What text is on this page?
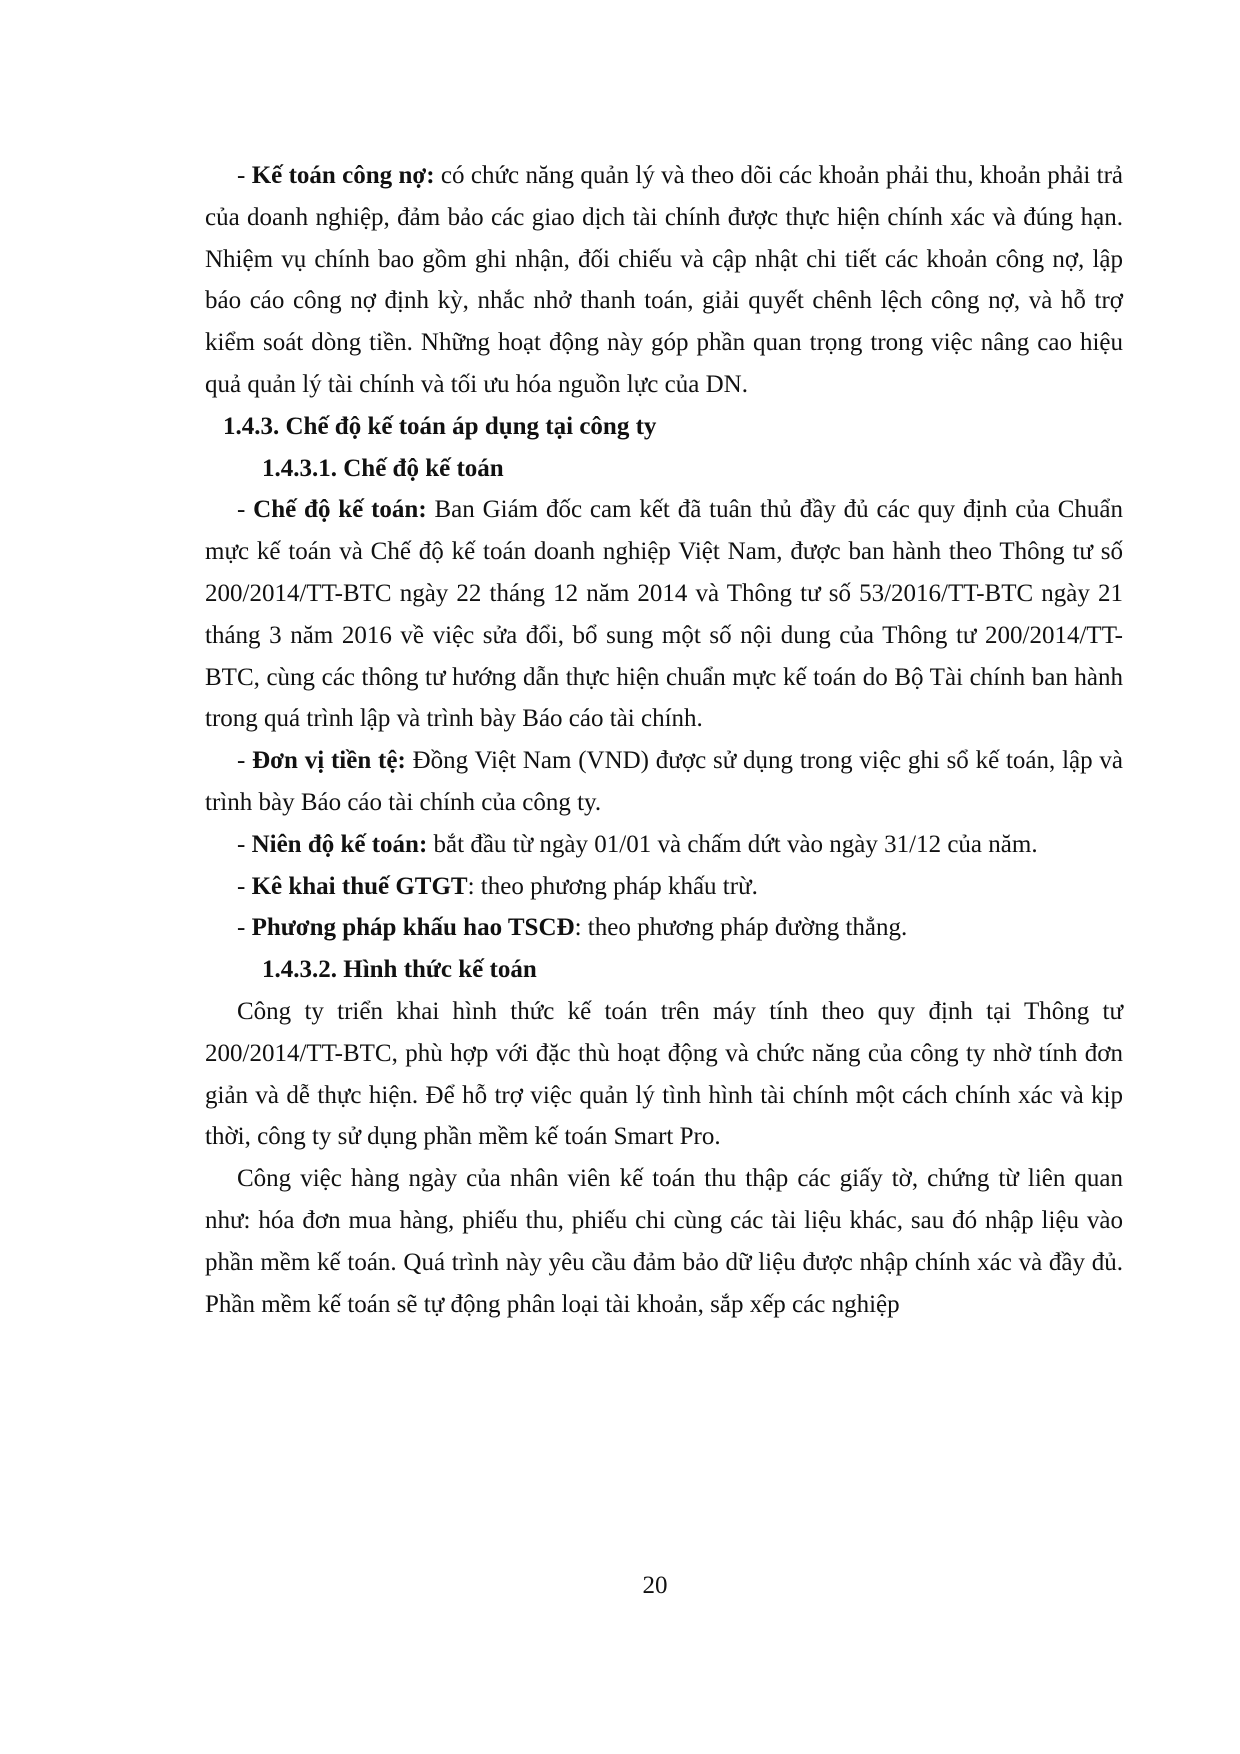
- Kế toán công nợ: có chức năng quản lý và theo dõi các khoản phải thu, khoản phải trả của doanh nghiệp, đảm bảo các giao dịch tài chính được thực hiện chính xác và đúng hạn. Nhiệm vụ chính bao gồm ghi nhận, đối chiếu và cập nhật chi tiết các khoản công nợ, lập báo cáo công nợ định kỳ, nhắc nhở thanh toán, giải quyết chênh lệch công nợ, và hỗ trợ kiểm soát dòng tiền. Những hoạt động này góp phần quan trọng trong việc nâng cao hiệu quả quản lý tài chính và tối ưu hóa nguồn lực của DN.

1.4.3. Chế độ kế toán áp dụng tại công ty
1.4.3.1. Chế độ kế toán

- Chế độ kế toán: Ban Giám đốc cam kết đã tuân thủ đầy đủ các quy định của Chuẩn mực kế toán và Chế độ kế toán doanh nghiệp Việt Nam, được ban hành theo Thông tư số 200/2014/TT-BTC ngày 22 tháng 12 năm 2014 và Thông tư số 53/2016/TT-BTC ngày 21 tháng 3 năm 2016 về việc sửa đổi, bổ sung một số nội dung của Thông tư 200/2014/TT-BTC, cùng các thông tư hướng dẫn thực hiện chuẩn mực kế toán do Bộ Tài chính ban hành trong quá trình lập và trình bày Báo cáo tài chính.

- Đơn vị tiền tệ: Đồng Việt Nam (VND) được sử dụng trong việc ghi sổ kế toán, lập và trình bày Báo cáo tài chính của công ty.

- Niên độ kế toán: bắt đầu từ ngày 01/01 và chấm dứt vào ngày 31/12 của năm.

- Kê khai thuế GTGT: theo phương pháp khấu trừ.

- Phương pháp khấu hao TSCĐ: theo phương pháp đường thẳng.

1.4.3.2. Hình thức kế toán

Công ty triển khai hình thức kế toán trên máy tính theo quy định tại Thông tư 200/2014/TT-BTC, phù hợp với đặc thù hoạt động và chức năng của công ty nhờ tính đơn giản và dễ thực hiện. Để hỗ trợ việc quản lý tình hình tài chính một cách chính xác và kịp thời, công ty sử dụng phần mềm kế toán Smart Pro.

Công việc hàng ngày của nhân viên kế toán thu thập các giấy tờ, chứng từ liên quan như: hóa đơn mua hàng, phiếu thu, phiếu chi cùng các tài liệu khác, sau đó nhập liệu vào phần mềm kế toán. Quá trình này yêu cầu đảm bảo dữ liệu được nhập chính xác và đầy đủ. Phần mềm kế toán sẽ tự động phân loại tài khoản, sắp xếp các nghiệp

20
